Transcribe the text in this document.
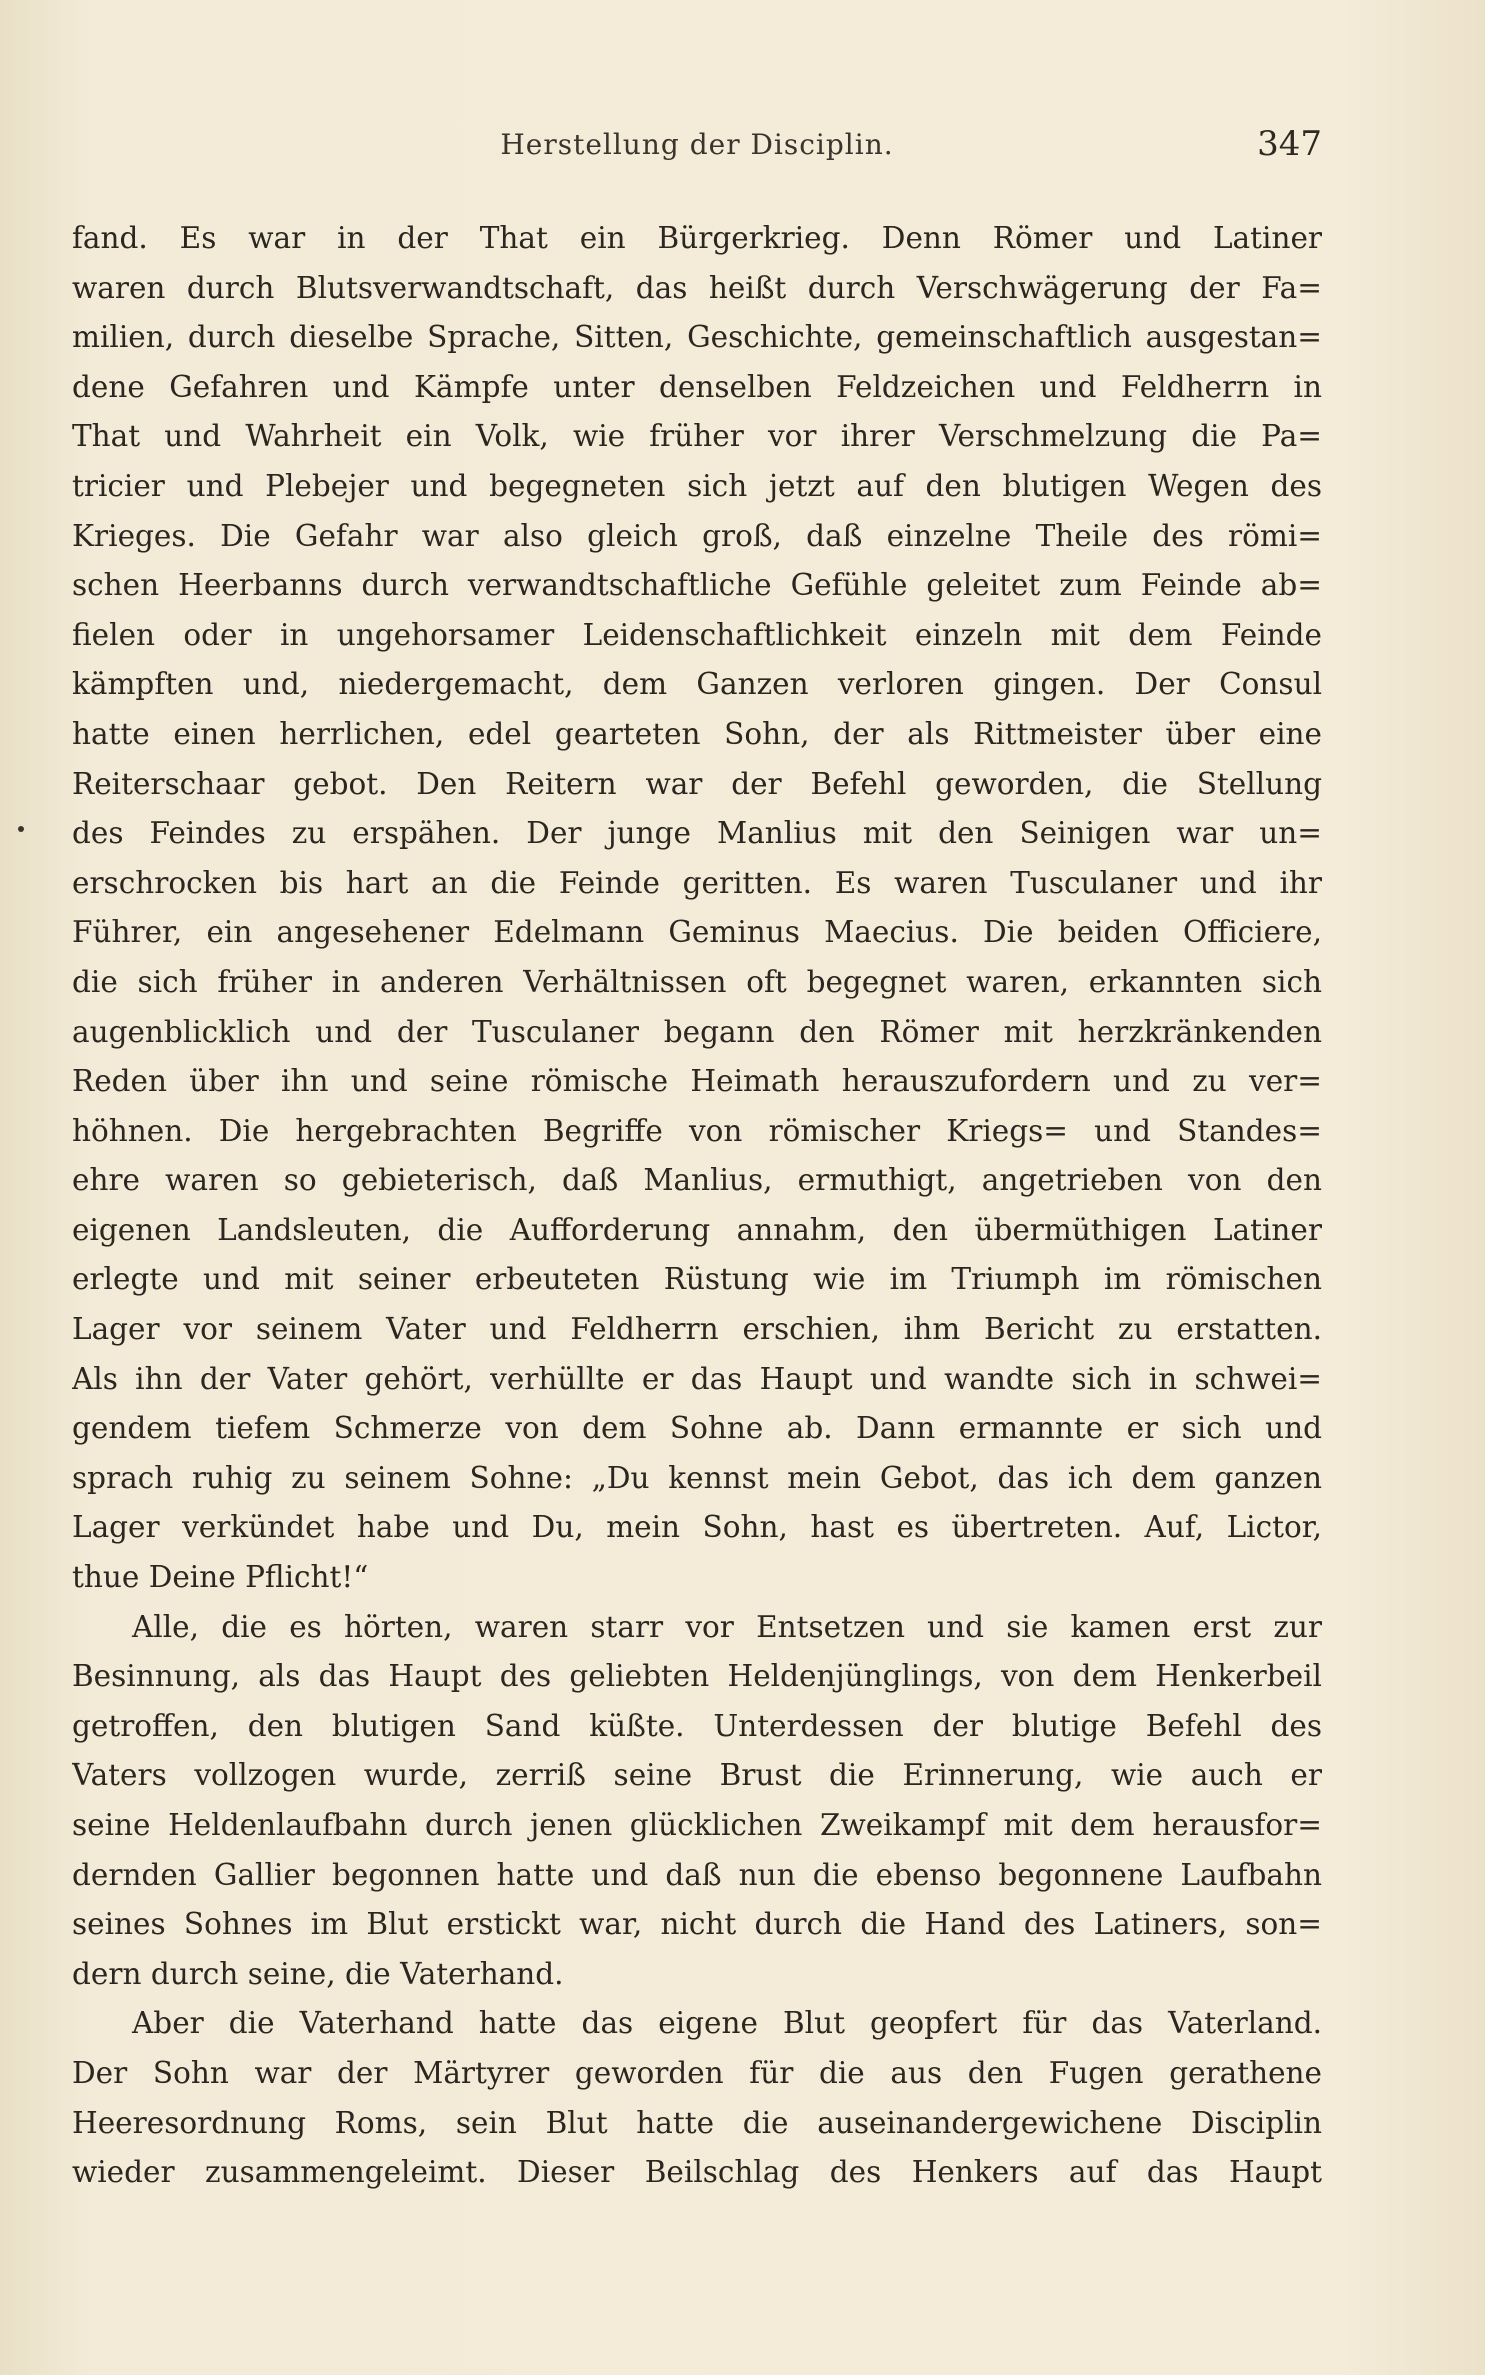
Herstellung der Disciplin.	347
fand. Es war in der That ein Bürgerkrieg. Denn Römer und Latiner
waren durch Blutsverwandtschaft, das heißt durch Verschwägerung der Fa=
milien, durch dieselbe Sprache, Sitten, Geschichte, gemeinschaftlich ausgestan=
dene Gefahren und Kämpfe unter denselben Feldzeichen und Feldherrn in
That und Wahrheit ein Volk, wie früher vor ihrer Verschmelzung die Pa=
tricier und Plebejer und begegneten sich jetzt auf den blutigen Wegen des
Krieges. Die Gefahr war also gleich groß, daß einzelne Theile des römi=
schen Heerbanns durch verwandtschaftliche Gefühle geleitet zum Feinde ab=
fielen oder in ungehorsamer Leidenschaftlichkeit einzeln mit dem Feinde
kämpften und, niedergemacht, dem Ganzen verloren gingen. Der Consul
hatte einen herrlichen, edel gearteten Sohn, der als Rittmeister über eine
Reiterschaar gebot. Den Reitern war der Befehl geworden, die Stellung
des Feindes zu erspähen. Der junge Manlius mit den Seinigen war un=
erschrocken bis hart an die Feinde geritten. Es waren Tusculaner und ihr
Führer, ein angesehener Edelmann Geminus Maecius. Die beiden Officiere,
die sich früher in anderen Verhältnissen oft begegnet waren, erkannten sich
augenblicklich und der Tusculaner begann den Römer mit herzkränkenden
Reden über ihn und seine römische Heimath herauszufordern und zu ver=
höhnen. Die hergebrachten Begriffe von römischer Kriegs= und Standes=
ehre waren so gebieterisch, daß Manlius, ermuthigt, angetrieben von den
eigenen Landsleuten, die Aufforderung annahm, den übermüthigen Latiner
erlegte und mit seiner erbeuteten Rüstung wie im Triumph im römischen
Lager vor seinem Vater und Feldherrn erschien, ihm Bericht zu erstatten.
Als ihn der Vater gehört, verhüllte er das Haupt und wandte sich in schwei=
gendem tiefem Schmerze von dem Sohne ab. Dann ermannte er sich und
sprach ruhig zu seinem Sohne: „Du kennst mein Gebot, das ich dem ganzen
Lager verkündet habe und Du, mein Sohn, hast es übertreten. Auf, Lictor,
thue Deine Pflicht!“
Alle, die es hörten, waren starr vor Entsetzen und sie kamen erst zur
Besinnung, als das Haupt des geliebten Heldenjünglings, von dem Henkerbeil
getroffen, den blutigen Sand küßte. Unterdessen der blutige Befehl des
Vaters vollzogen wurde, zerriß seine Brust die Erinnerung, wie auch er
seine Heldenlaufbahn durch jenen glücklichen Zweikampf mit dem herausfor=
dernden Gallier begonnen hatte und daß nun die ebenso begonnene Laufbahn
seines Sohnes im Blut erstickt war, nicht durch die Hand des Latiners, son=
dern durch seine, die Vaterhand.
Aber die Vaterhand hatte das eigene Blut geopfert für das Vaterland.
Der Sohn war der Märtyrer geworden für die aus den Fugen gerathene
Heeresordnung Roms, sein Blut hatte die auseinandergewichene Disciplin
wieder zusammengeleimt. Dieser Beilschlag des Henkers auf das Haupt
